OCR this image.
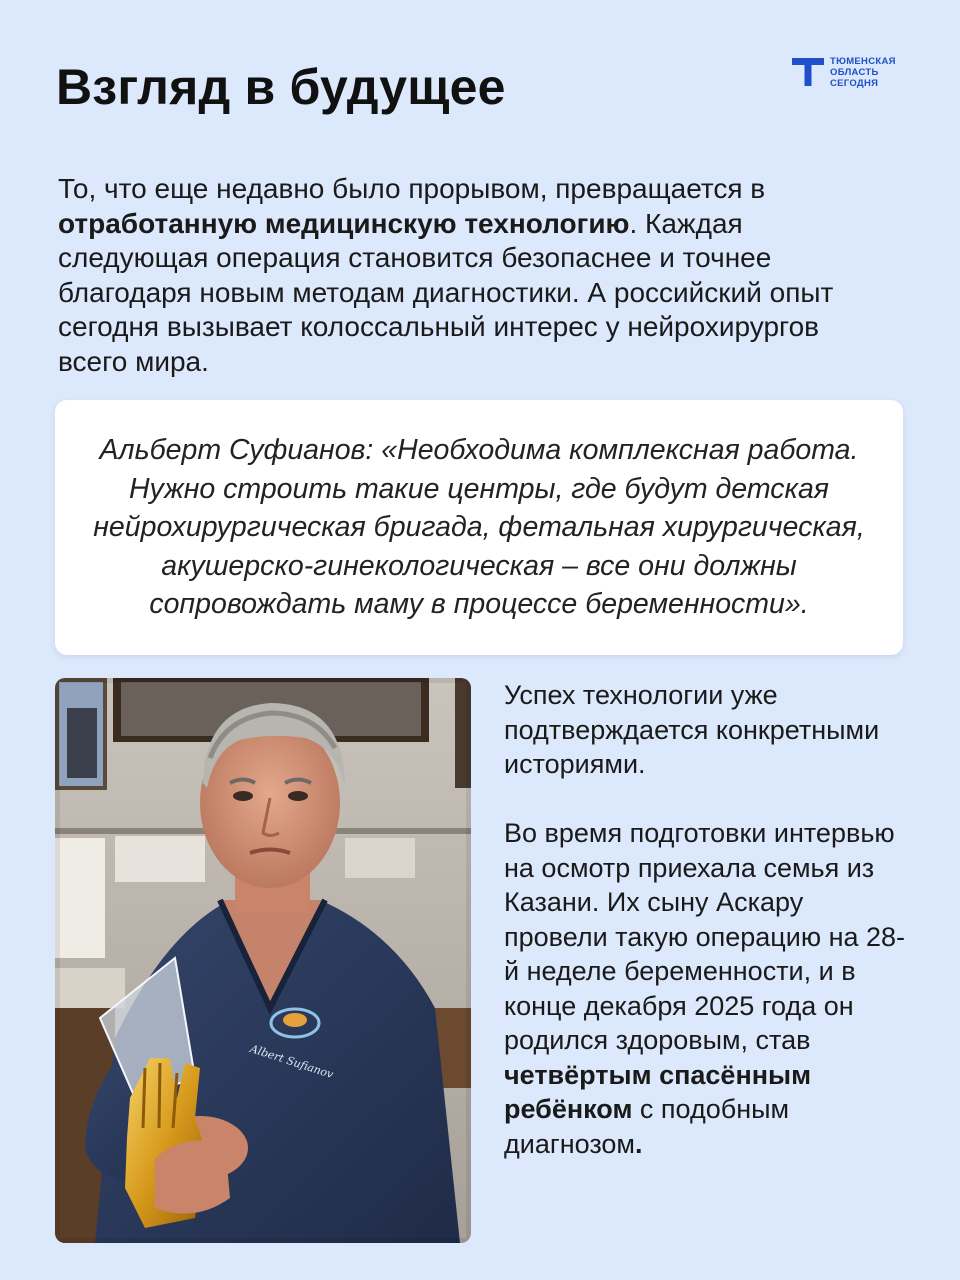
Взгляд в будущее	ТЮМЕНСКАЯ
ОБЛАСТЬ
СЕГОДНЯ

То, что еще недавно было прорывом, превращается в отработанную медицинскую технологию. Каждая следующая операция становится безопаснее и точнее благодаря новым методам диагностики. А российский опыт сегодня вызывает колоссальный интерес у нейрохирургов всего мира.

Альберт Суфианов: «Необходима комплексная работа. Нужно строить такие центры, где будут детская нейрохирургическая бригада, фетальная хирургическая, акушерско-гинекологическая – все они должны сопровождать маму в процессе беременности».

Albert Sufianov

Успех технологии уже подтверждается конкретными историями.

Во время подготовки интервью на осмотр приехала семья из Казани. Их сыну Аскару провели такую операцию на 28-й неделе беременности, и в конце декабря 2025 года он родился здоровым, став четвёртым спасённым ребёнком с подобным диагнозом.
